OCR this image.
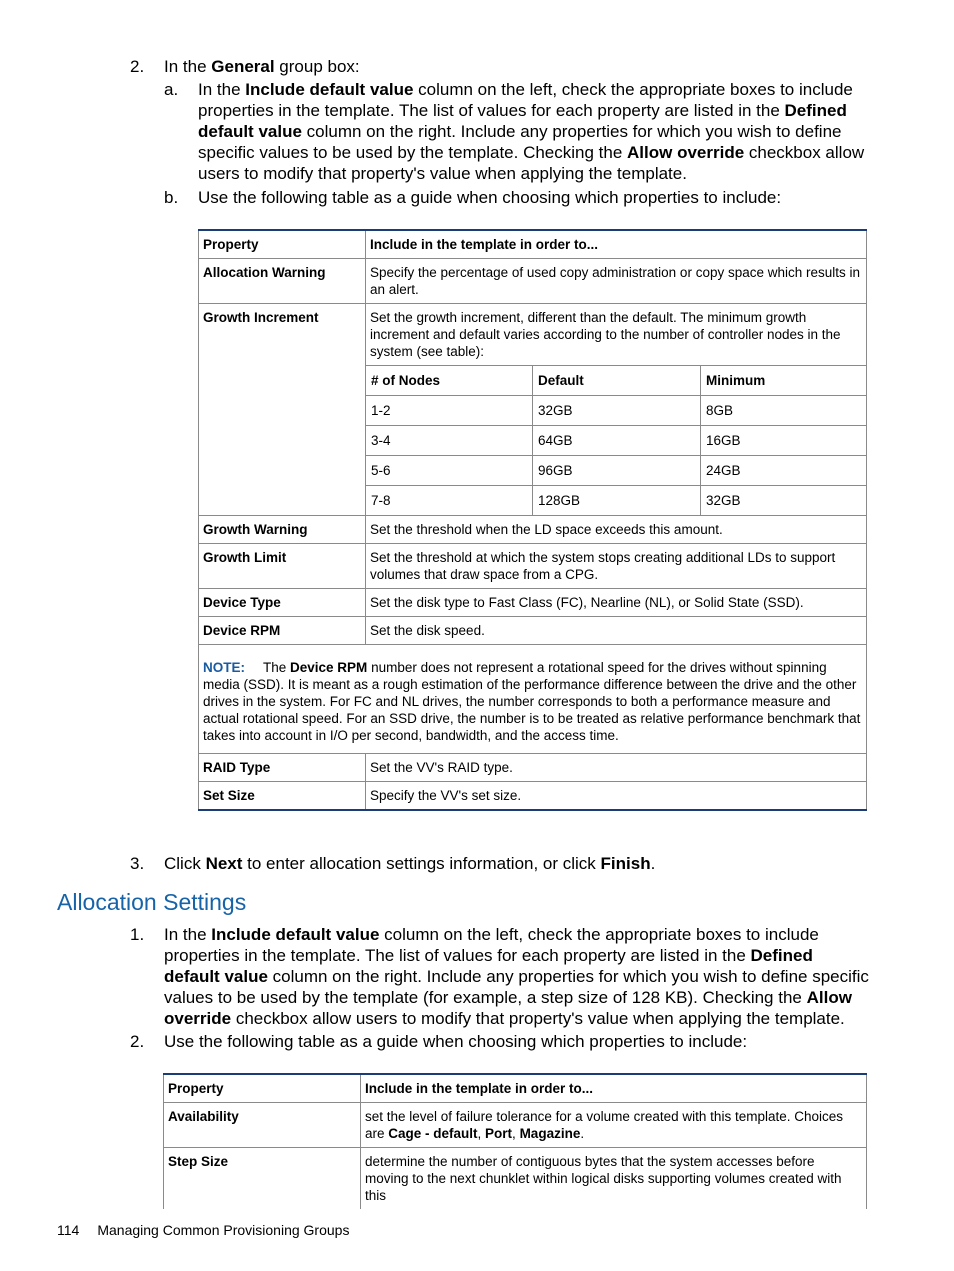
2. In the General group box:
a. In the Include default value column on the left, check the appropriate boxes to include properties in the template. The list of values for each property are listed in the Defined default value column on the right. Include any properties for which you wish to define specific values to be used by the template. Checking the Allow override checkbox allow users to modify that property's value when applying the template.
b. Use the following table as a guide when choosing which properties to include:
Property	Include in the template in order to...
Allocation Warning	Specify the percentage of used copy administration or copy space which results in an alert.
Growth Increment	Set the growth increment, different than the default. The minimum growth increment and default varies according to the number of controller nodes in the system (see table):
# of Nodes	Default	Minimum
1-2	32GB	8GB
3-4	64GB	16GB
5-6	96GB	24GB
7-8	128GB	32GB

Growth Warning	Set the threshold when the LD space exceeds this amount.
Growth Limit	Set the threshold at which the system stops creating additional LDs to support volumes that draw space from a CPG.
Device Type	Set the disk type to Fast Class (FC), Nearline (NL), or Solid State (SSD).
Device RPM	Set the disk speed.
NOTE: The Device RPM number does not represent a rotational speed for the drives without spinning media (SSD). It is meant as a rough estimation of the performance difference between the drive and the other drives in the system. For FC and NL drives, the number corresponds to both a performance measure and actual rotational speed. For an SSD drive, the number is to be treated as relative performance benchmark that takes into account in I/O per second, bandwidth, and the access time.
RAID Type	Set the VV's RAID type.
Set Size	Specify the VV's set size.
3. Click Next to enter allocation settings information, or click Finish.
Allocation Settings
1. In the Include default value column on the left, check the appropriate boxes to include properties in the template. The list of values for each property are listed in the Defined default value column on the right. Include any properties for which you wish to define specific values to be used by the template (for example, a step size of 128 KB). Checking the Allow override checkbox allow users to modify that property's value when applying the template.
2. Use the following table as a guide when choosing which properties to include:
Property	Include in the template in order to...
Availability	set the level of failure tolerance for a volume created with this template. Choices are Cage - default, Port, Magazine.
Step Size	determine the number of contiguous bytes that the system accesses before moving to the next chunklet within logical disks supporting volumes created with this
114 Managing Common Provisioning Groups
